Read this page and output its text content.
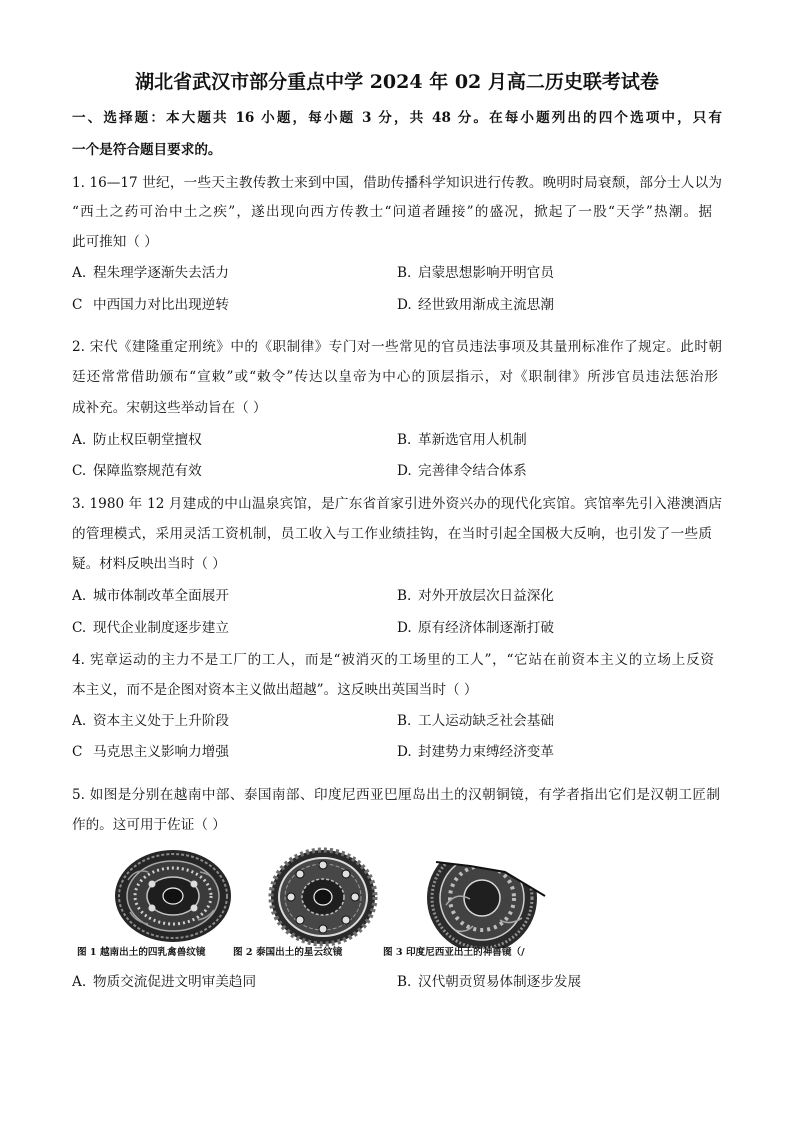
湖北省武汉市部分重点中学 2024 年 02 月高二历史联考试卷
一、选择题：本大题共 16 小题，每小题 3 分，共 48 分。在每小题列出的四个选项中，只有
一个是符合题目要求的。
1. 16—17 世纪，一些天主教传教士来到中国，借助传播科学知识进行传教。晚明时局衰颓，部分士人以为
“西土之药可治中土之疾”，遂出现向西方传教士“问道者踵接”的盛况，掀起了一股“天学”热潮。据
此可推知（ ）
A. 程朱理学逐渐失去活力	B. 启蒙思想影响开明官员
C 中西国力对比出现逆转	D. 经世致用渐成主流思潮
2. 宋代《建隆重定刑统》中的《职制律》专门对一些常见的官员违法事项及其量刑标准作了规定。此时朝
廷还常常借助颁布“宣敕”或“敕令”传达以皇帝为中心的顶层指示，对《职制律》所涉官员违法惩治形
成补充。宋朝这些举动旨在（ ）
A. 防止权臣朝堂擅权	B. 革新选官用人机制
C. 保障监察规范有效	D. 完善律令结合体系
3. 1980 年 12 月建成的中山温泉宾馆，是广东省首家引进外资兴办的现代化宾馆。宾馆率先引入港澳酒店
的管理模式，采用灵活工资机制，员工收入与工作业绩挂钩，在当时引起全国极大反响，也引发了一些质
疑。材料反映出当时（ ）
A. 城市体制改革全面展开	B. 对外开放层次日益深化
C. 现代企业制度逐步建立	D. 原有经济体制逐渐打破
4. 宪章运动的主力不是工厂的工人，而是“被消灭的工场里的工人”，“它站在前资本主义的立场上反资
本主义，而不是企图对资本主义做出超越”。这反映出英国当时（ ）
A. 资本主义处于上升阶段	B. 工人运动缺乏社会基础
C 马克思主义影响力增强	D. 封建势力束缚经济变革
5. 如图是分别在越南中部、泰国南部、印度尼西亚巴厘岛出土的汉朝铜镜，有学者指出它们是汉朝工匠制
作的。这可用于佐证（ ）
图 1 越南出土的四乳禽兽纹镜	图 2 泰国出土的星云纹镜	图 3 印度尼西亚出土的神兽镜（/
A. 物质交流促进文明审美趋同	B. 汉代朝贡贸易体制逐步发展
